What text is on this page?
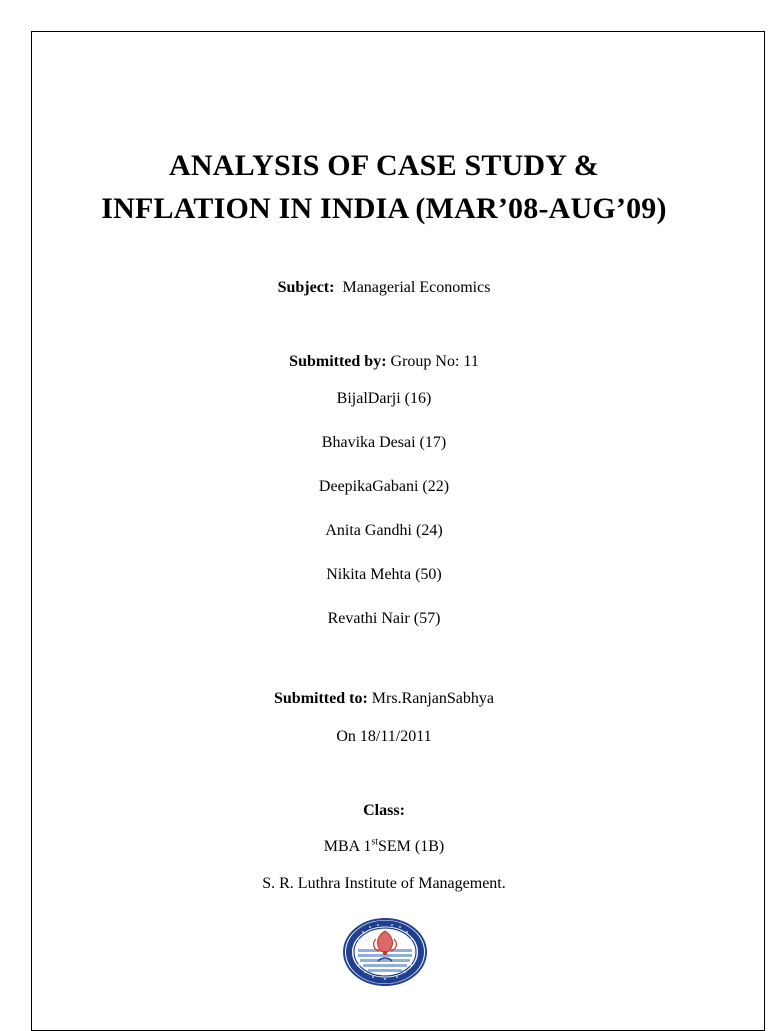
ANALYSIS OF CASE STUDY &
INFLATION IN INDIA (MAR’08-AUG’09)
Subject: Managerial Economics
Submitted by: Group No: 11
BijalDarji (16)
Bhavika Desai (17)
DeepikaGabani (22)
Anita Gandhi (24)
Nikita Mehta (50)
Revathi Nair (57)
Submitted to: Mrs.RanjanSabhya
On 18/11/2011
Class:
MBA 1stSEM (1B)
S. R. Luthra Institute of Management.
